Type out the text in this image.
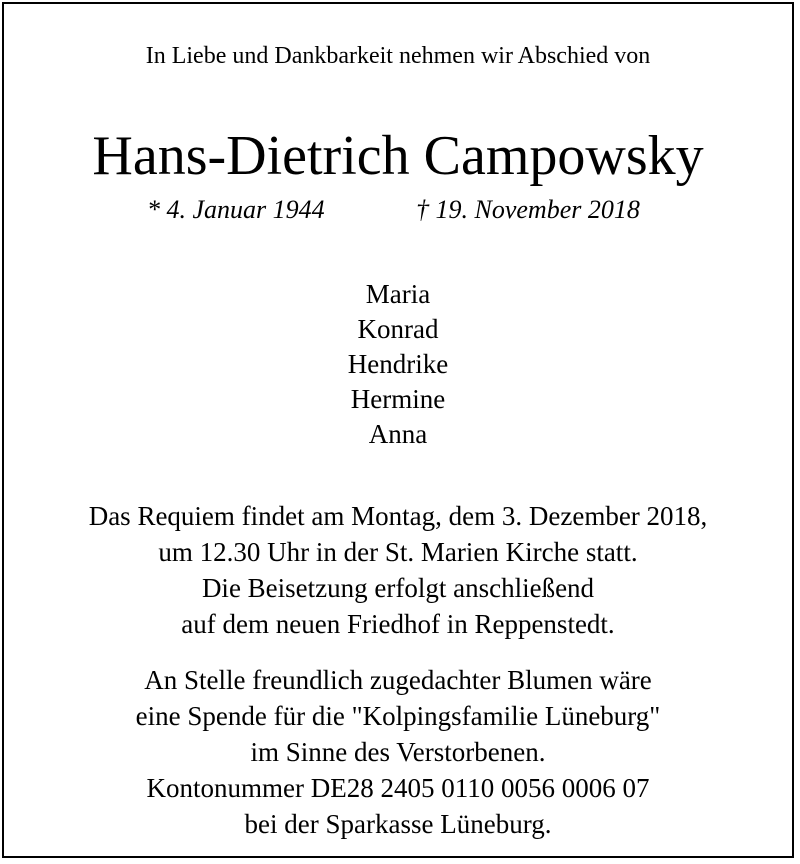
In Liebe und Dankbarkeit nehmen wir Abschied von
Hans-Dietrich Campowsky
* 4. Januar 1944	† 19. November 2018
Maria
Konrad
Hendrike
Hermine
Anna
Das Requiem findet am Montag, dem 3. Dezember 2018,
um 12.30 Uhr in der St. Marien Kirche statt.
Die Beisetzung erfolgt anschließend
auf dem neuen Friedhof in Reppenstedt.
An Stelle freundlich zugedachter Blumen wäre
eine Spende für die "Kolpingsfamilie Lüneburg"
im Sinne des Verstorbenen.
Kontonummer DE28 2405 0110 0056 0006 07
bei der Sparkasse Lüneburg.
